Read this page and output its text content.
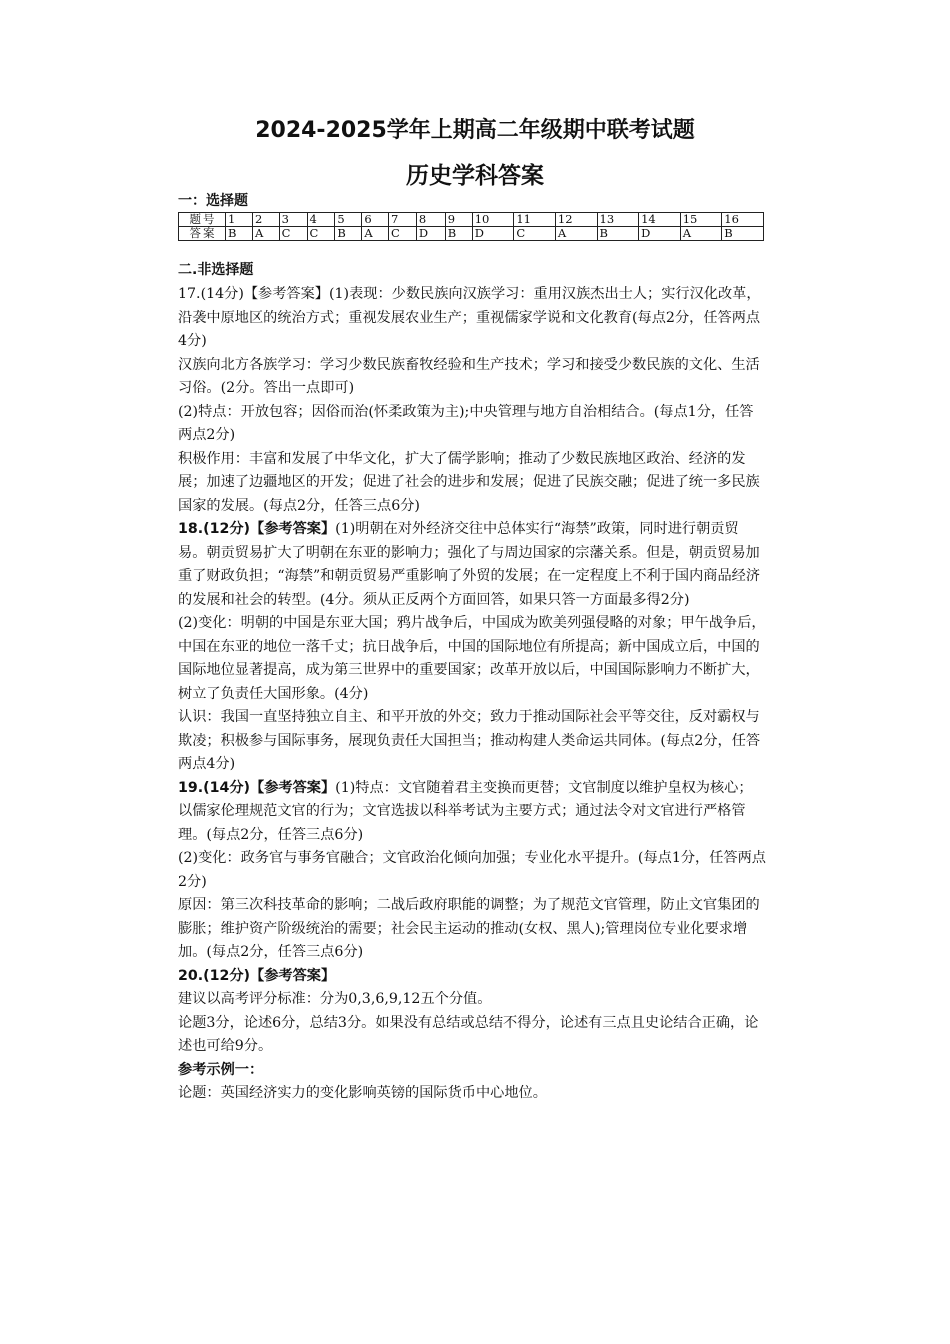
2024-2025学年上期高二年级期中联考试题
历史学科答案
一：选择题
题号	1	2	3	4	5	6	7	8	9	10	11	12	13	14	15	16
答案	B	A	C	C	B	A	C	D	B	D	C	A	B	D	A	B
二.非选择题

17.(14分)【参考答案】(1)表现：少数民族向汉族学习：重用汉族杰出士人；实行汉化改革，沿袭中原地区的统治方式；重视发展农业生产；重视儒家学说和文化教育(每点2分，任答两点4分)

汉族向北方各族学习：学习少数民族畜牧经验和生产技术；学习和接受少数民族的文化、生活习俗。(2分。答出一点即可)

(2)特点：开放包容；因俗而治(怀柔政策为主);中央管理与地方自治相结合。(每点1分，任答两点2分)

积极作用：丰富和发展了中华文化，扩大了儒学影响；推动了少数民族地区政治、经济的发展；加速了边疆地区的开发；促进了社会的进步和发展；促进了民族交融；促进了统一多民族国家的发展。(每点2分，任答三点6分)

18.(12分)【参考答案】(1)明朝在对外经济交往中总体实行“海禁”政策，同时进行朝贡贸易。朝贡贸易扩大了明朝在东亚的影响力；强化了与周边国家的宗藩关系。但是，朝贡贸易加重了财政负担；“海禁”和朝贡贸易严重影响了外贸的发展；在一定程度上不利于国内商品经济的发展和社会的转型。(4分。须从正反两个方面回答，如果只答一方面最多得2分)

(2)变化：明朝的中国是东亚大国；鸦片战争后，中国成为欧美列强侵略的对象；甲午战争后，中国在东亚的地位一落千丈；抗日战争后，中国的国际地位有所提高；新中国成立后，中国的国际地位显著提高，成为第三世界中的重要国家；改革开放以后，中国国际影响力不断扩大，树立了负责任大国形象。(4分)

认识：我国一直坚持独立自主、和平开放的外交；致力于推动国际社会平等交往，反对霸权与欺凌；积极参与国际事务，展现负责任大国担当；推动构建人类命运共同体。(每点2分，任答两点4分)

19.(14分)【参考答案】(1)特点：文官随着君主变换而更替；文官制度以维护皇权为核心；以儒家伦理规范文官的行为；文官选拔以科举考试为主要方式；通过法令对文官进行严格管理。(每点2分，任答三点6分)

(2)变化：政务官与事务官融合；文官政治化倾向加强；专业化水平提升。(每点1分，任答两点2分)

原因：第三次科技革命的影响；二战后政府职能的调整；为了规范文官管理，防止文官集团的膨胀；维护资产阶级统治的需要；社会民主运动的推动(女权、黑人);管理岗位专业化要求增加。(每点2分，任答三点6分)

20.(12分)【参考答案】

建议以高考评分标准：分为0,3,6,9,12五个分值。

论题3分，论述6分，总结3分。如果没有总结或总结不得分，论述有三点且史论结合正确，论述也可给9分。

参考示例一：

论题：英国经济实力的变化影响英镑的国际货币中心地位。
